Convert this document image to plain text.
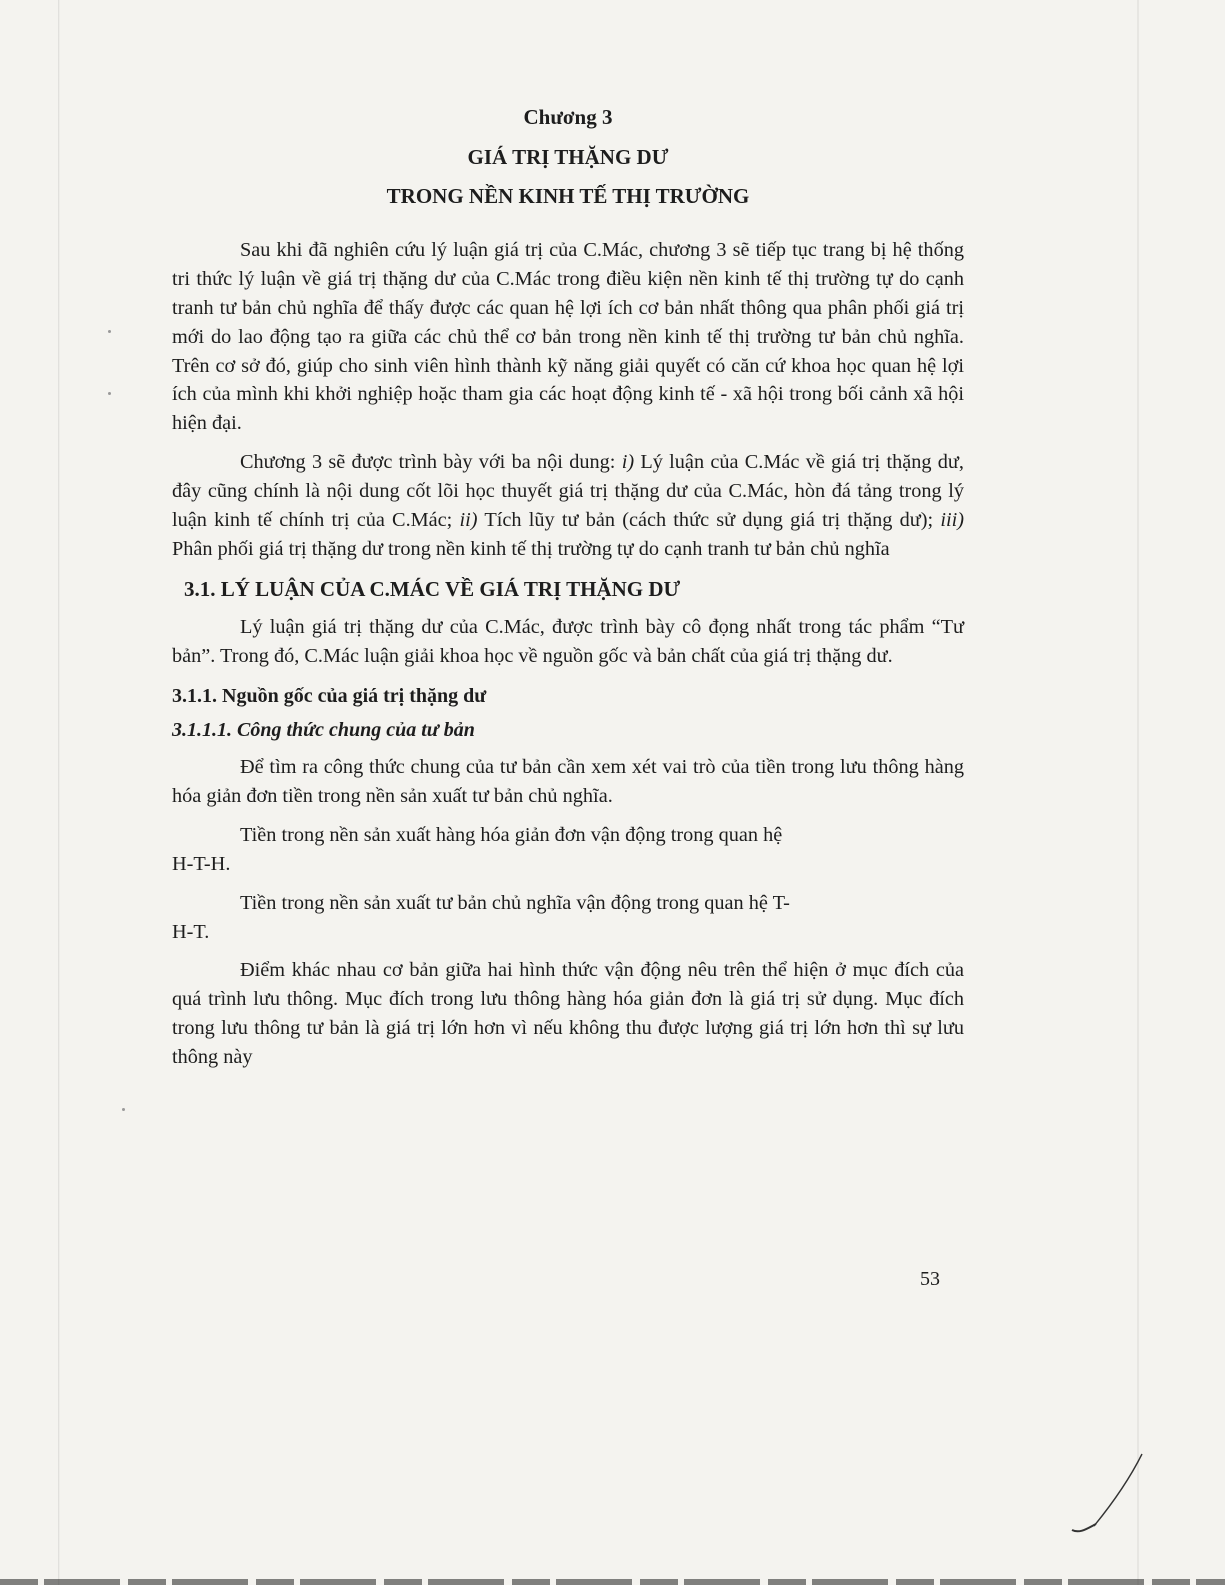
Chương 3
GIÁ TRỊ THẶNG DƯ
TRONG NỀN KINH TẾ THỊ TRƯỜNG

Sau khi đã nghiên cứu lý luận giá trị của C.Mác, chương 3 sẽ tiếp tục trang bị hệ thống tri thức lý luận về giá trị thặng dư của C.Mác trong điều kiện nền kinh tế thị trường tự do cạnh tranh tư bản chủ nghĩa để thấy được các quan hệ lợi ích cơ bản nhất thông qua phân phối giá trị mới do lao động tạo ra giữa các chủ thể cơ bản trong nền kinh tế thị trường tư bản chủ nghĩa. Trên cơ sở đó, giúp cho sinh viên hình thành kỹ năng giải quyết có căn cứ khoa học quan hệ lợi ích của mình khi khởi nghiệp hoặc tham gia các hoạt động kinh tế - xã hội trong bối cảnh xã hội hiện đại.

Chương 3 sẽ được trình bày với ba nội dung: i) Lý luận của C.Mác về giá trị thặng dư, đây cũng chính là nội dung cốt lõi học thuyết giá trị thặng dư của C.Mác, hòn đá tảng trong lý luận kinh tế chính trị của C.Mác; ii) Tích lũy tư bản (cách thức sử dụng giá trị thặng dư); iii) Phân phối giá trị thặng dư trong nền kinh tế thị trường tự do cạnh tranh tư bản chủ nghĩa

3.1. LÝ LUẬN CỦA C.MÁC VỀ GIÁ TRỊ THẶNG DƯ

Lý luận giá trị thặng dư của C.Mác, được trình bày cô đọng nhất trong tác phẩm “Tư bản”. Trong đó, C.Mác luận giải khoa học về nguồn gốc và bản chất của giá trị thặng dư.

3.1.1. Nguồn gốc của giá trị thặng dư
3.1.1.1. Công thức chung của tư bản

Để tìm ra công thức chung của tư bản cần xem xét vai trò của tiền trong lưu thông hàng hóa giản đơn tiền trong nền sản xuất tư bản chủ nghĩa.

Tiền trong nền sản xuất hàng hóa giản đơn vận động trong quan hệ
H-T-H.

Tiền trong nền sản xuất tư bản chủ nghĩa vận động trong quan hệ T-
H-T.

Điểm khác nhau cơ bản giữa hai hình thức vận động nêu trên thể hiện ở mục đích của quá trình lưu thông. Mục đích trong lưu thông hàng hóa giản đơn là giá trị sử dụng. Mục đích trong lưu thông tư bản là giá trị lớn hơn vì nếu không thu được lượng giá trị lớn hơn thì sự lưu thông này

53
